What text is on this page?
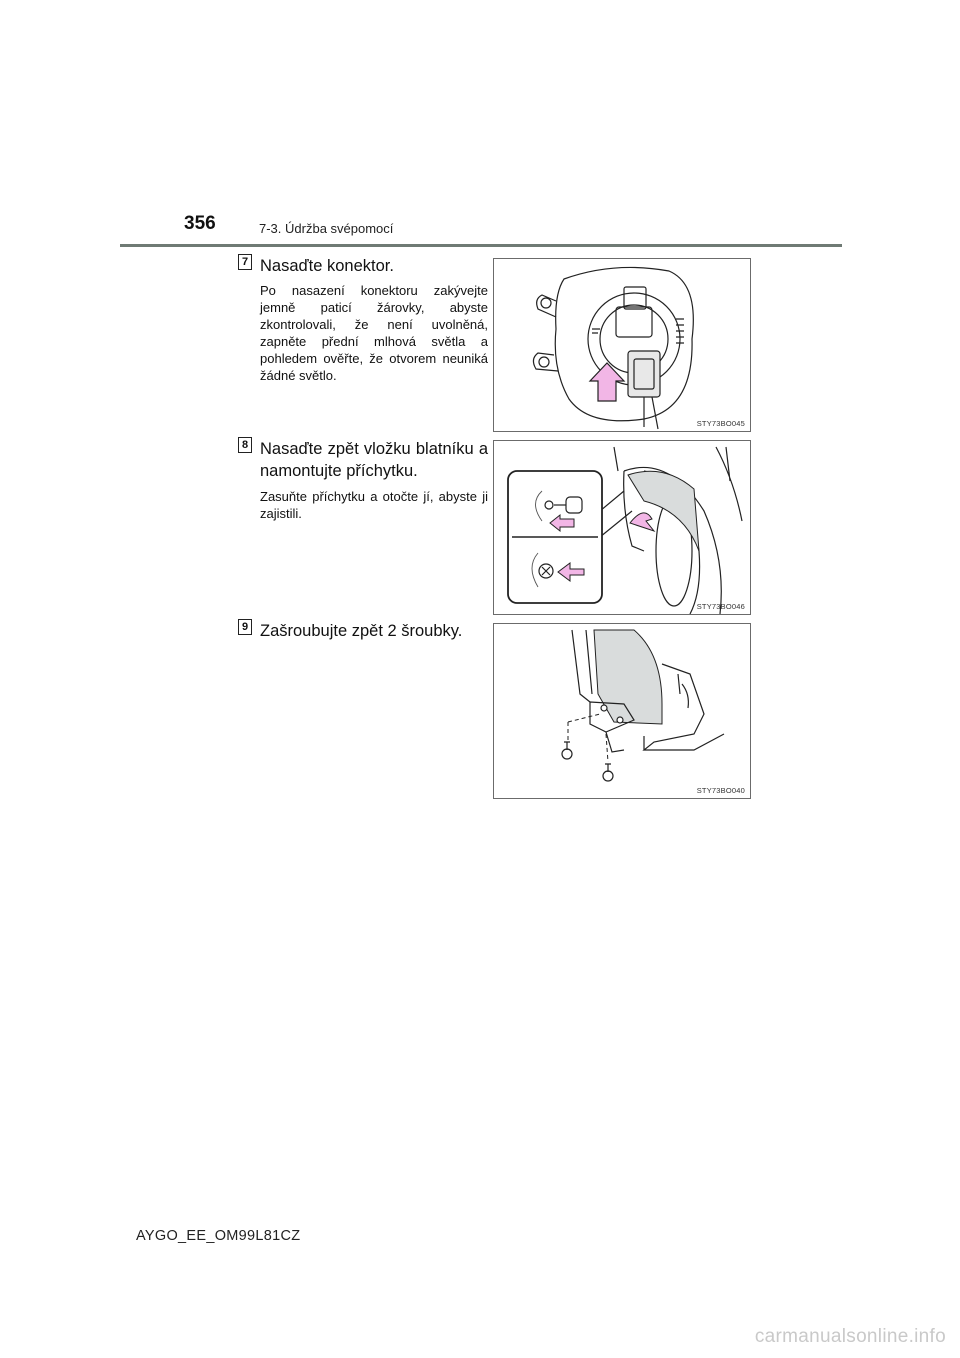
356	7-3. Údržba svépomocí
7 Nasaďte konektor.
Po nasazení konektoru zakývejte jemně paticí žárovky, abyste zkontrolovali, že není uvolněná, zapněte přední mlhová světla a pohledem ověřte, že otvorem neuniká žádné světlo.
STY73BO045
8 Nasaďte zpět vložku blatníku a namontujte příchytku.
Zasuňte příchytku a otočte jí, abyste ji zajistili.
STY73BO046
9 Zašroubujte zpět 2 šroubky.
STY73BO040
AYGO_EE_OM99L81CZ
carmanualsonline.info
